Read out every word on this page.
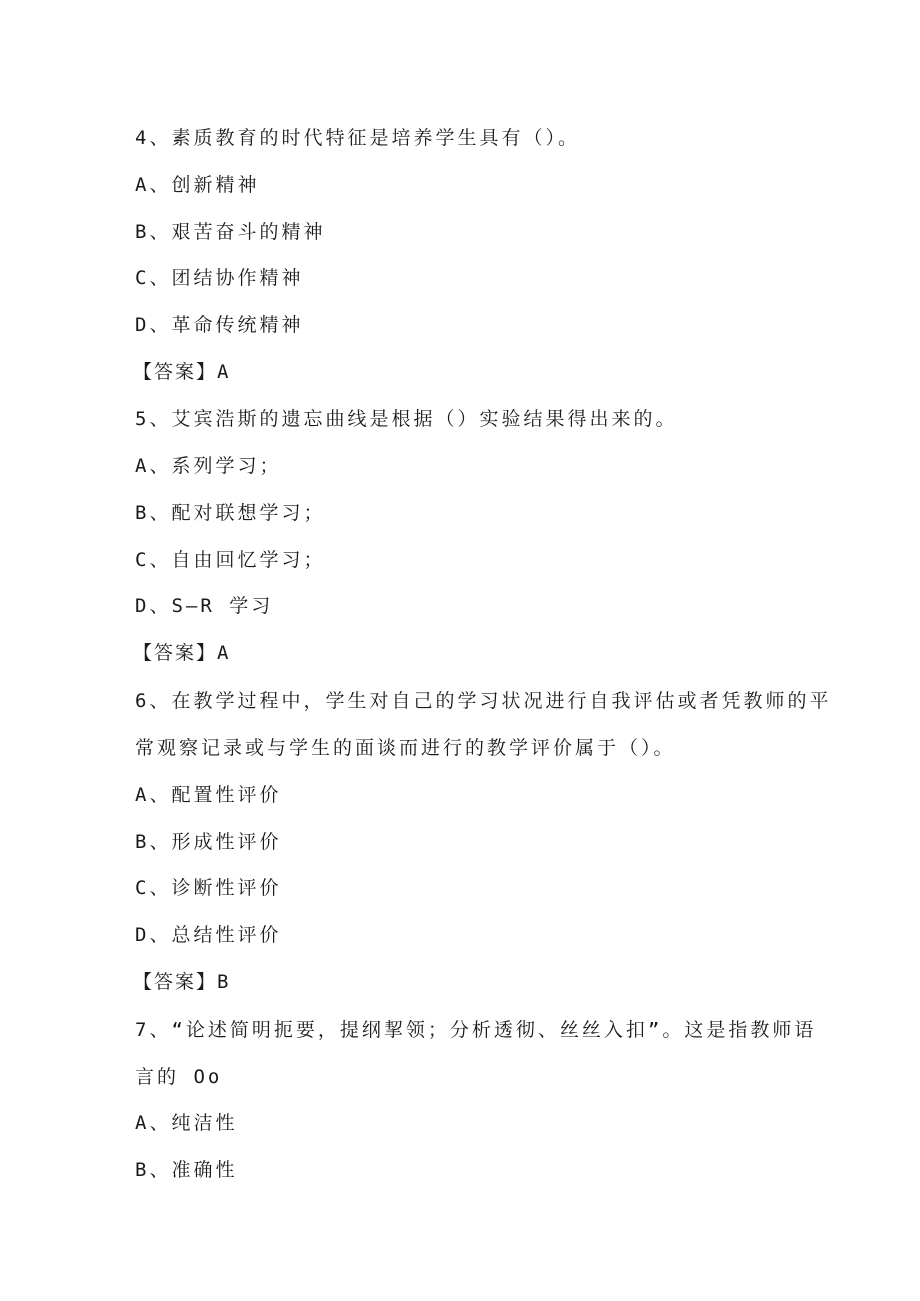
4、素质教育的时代特征是培养学生具有（）。
A、创新精神
B、艰苦奋斗的精神
C、团结协作精神
D、革命传统精神
【答案】A
5、艾宾浩斯的遗忘曲线是根据（）实验结果得出来的。
A、系列学习；
B、配对联想学习；
C、自由回忆学习；
D、S—R 学习
【答案】A
6、在教学过程中，学生对自己的学习状况进行自我评估或者凭教师的平
常观察记录或与学生的面谈而进行的教学评价属于（）。
A、配置性评价
B、形成性评价
C、诊断性评价
D、总结性评价
【答案】B
7、“论述简明扼要，提纲挈领；分析透彻、丝丝入扣”。这是指教师语
言的 Oo
A、纯洁性
B、准确性
